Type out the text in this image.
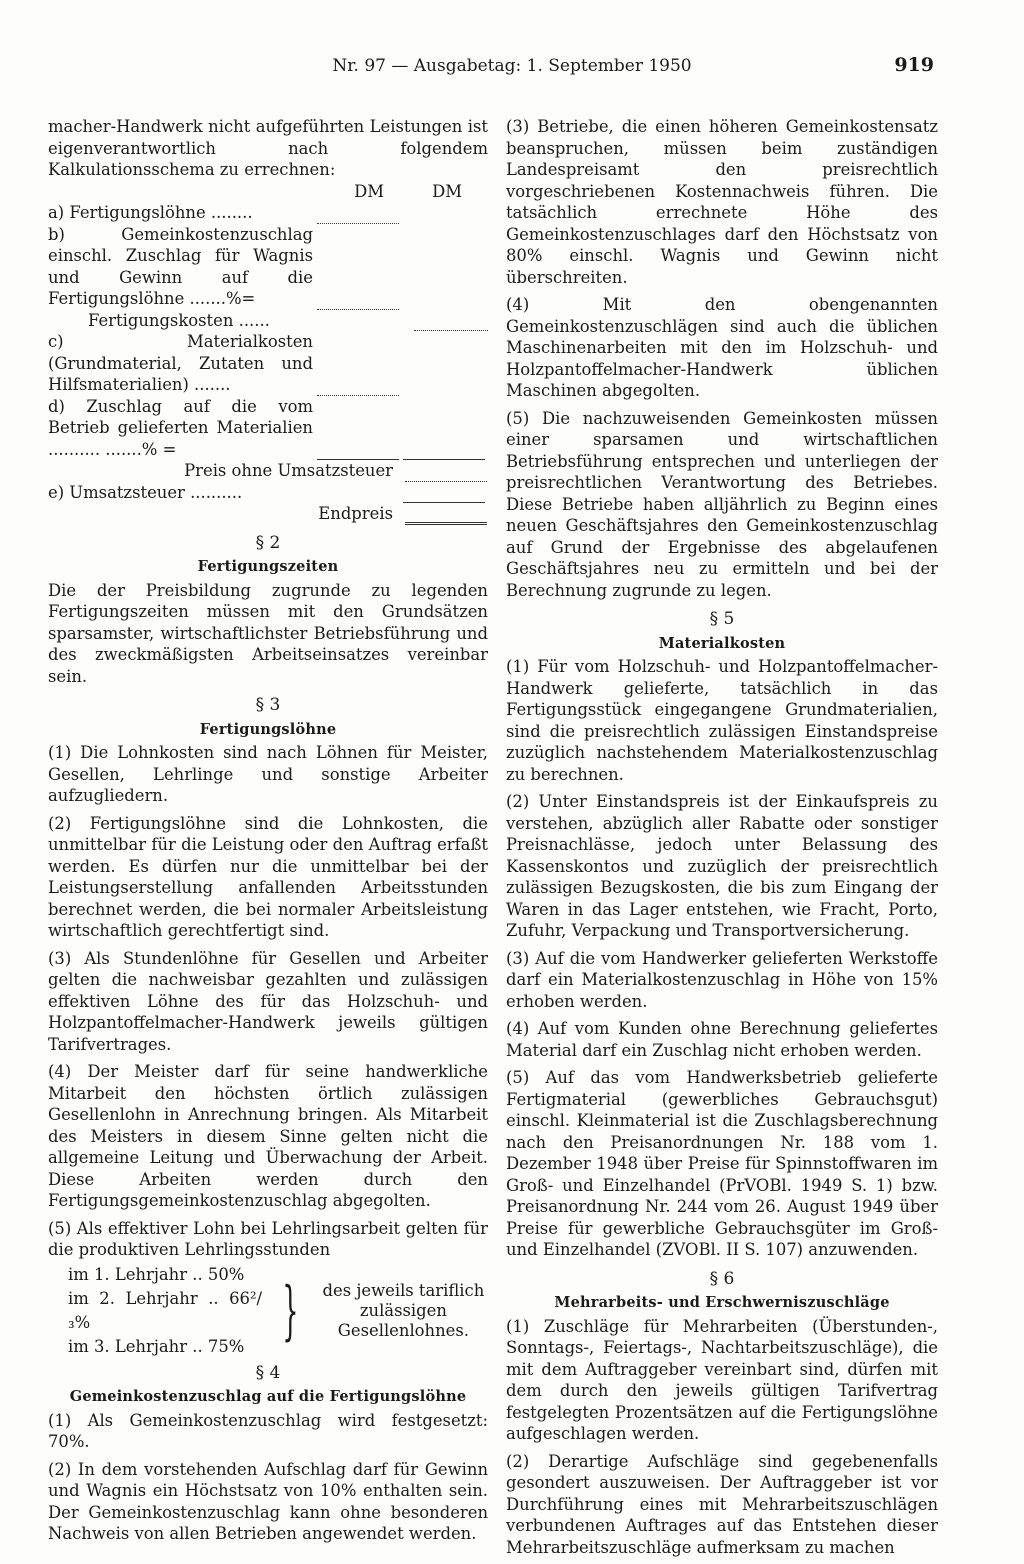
Nr. 97 — Ausgabetag: 1. September 1950	919

macher-Handwerk nicht aufgeführten Leistungen ist eigenverantwortlich nach folgendem Kalkulationsschema zu errechnen:

DM	DM
a) Fertigungslöhne ........
b) Gemeinkostenzuschlag einschl. Zuschlag für Wagnis und Gewinn auf die Fertigungslöhne .......%=
Fertigungskosten ......
c) Materialkosten (Grundmaterial, Zutaten und Hilfsmaterialien) .......
d) Zuschlag auf die vom Betrieb gelieferten Materialien .......... .......% =
Preis ohne Umsatzsteuer
e) Umsatzsteuer ..........
Endpreis
§ 2
Fertigungszeiten

Die der Preisbildung zugrunde zu legenden Fertigungszeiten müssen mit den Grundsätzen sparsamster, wirtschaftlichster Betriebsführung und des zweckmäßigsten Arbeitseinsatzes vereinbar sein.

§ 3
Fertigungslöhne

(1) Die Lohnkosten sind nach Löhnen für Meister, Gesellen, Lehrlinge und sonstige Arbeiter aufzugliedern.

(2) Fertigungslöhne sind die Lohnkosten, die unmittelbar für die Leistung oder den Auftrag erfaßt werden. Es dürfen nur die unmittelbar bei der Leistungserstellung anfallenden Arbeitsstunden berechnet werden, die bei normaler Arbeitsleistung wirtschaftlich gerechtfertigt sind.

(3) Als Stundenlöhne für Gesellen und Arbeiter gelten die nachweisbar gezahlten und zulässigen effektiven Löhne des für das Holzschuh- und Holzpantoffelmacher-Handwerk jeweils gültigen Tarifvertrages.

(4) Der Meister darf für seine handwerkliche Mitarbeit den höchsten örtlich zulässigen Gesellenlohn in Anrechnung bringen. Als Mitarbeit des Meisters in diesem Sinne gelten nicht die allgemeine Leitung und Überwachung der Arbeit. Diese Arbeiten werden durch den Fertigungsgemeinkostenzuschlag abgegolten.

(5) Als effektiver Lohn bei Lehrlingsarbeit gelten für die produktiven Lehrlingsstunden

im 1. Lehrjahr .. 50%
im 2. Lehrjahr .. 66²/₃%
im 3. Lehrjahr .. 75% } des jeweils tariflich zulässigen Gesellenlohnes.
§ 4
Gemeinkostenzuschlag auf die Fertigungslöhne

(1) Als Gemeinkostenzuschlag wird festgesetzt: 70%.

(2) In dem vorstehenden Aufschlag darf für Gewinn und Wagnis ein Höchstsatz von 10% enthalten sein. Der Gemeinkostenzuschlag kann ohne besonderen Nachweis von allen Betrieben angewendet werden.

(3) Betriebe, die einen höheren Gemeinkostensatz beanspruchen, müssen beim zuständigen Landespreisamt den preisrechtlich vorgeschriebenen Kostennachweis führen. Die tatsächlich errechnete Höhe des Gemeinkostenzuschlages darf den Höchstsatz von 80% einschl. Wagnis und Gewinn nicht überschreiten.

(4) Mit den obengenannten Gemeinkostenzuschlägen sind auch die üblichen Maschinenarbeiten mit den im Holzschuh- und Holzpantoffelmacher-Handwerk üblichen Maschinen abgegolten.

(5) Die nachzuweisenden Gemeinkosten müssen einer sparsamen und wirtschaftlichen Betriebsführung entsprechen und unterliegen der preisrechtlichen Verantwortung des Betriebes. Diese Betriebe haben alljährlich zu Beginn eines neuen Geschäftsjahres den Gemeinkostenzuschlag auf Grund der Ergebnisse des abgelaufenen Geschäftsjahres neu zu ermitteln und bei der Berechnung zugrunde zu legen.

§ 5
Materialkosten

(1) Für vom Holzschuh- und Holzpantoffelmacher-Handwerk gelieferte, tatsächlich in das Fertigungsstück eingegangene Grundmaterialien, sind die preisrechtlich zulässigen Einstandspreise zuzüglich nachstehendem Materialkostenzuschlag zu berechnen.

(2) Unter Einstandspreis ist der Einkaufspreis zu verstehen, abzüglich aller Rabatte oder sonstiger Preisnachlässe, jedoch unter Belassung des Kassenskontos und zuzüglich der preisrechtlich zulässigen Bezugskosten, die bis zum Eingang der Waren in das Lager entstehen, wie Fracht, Porto, Zufuhr, Verpackung und Transportversicherung.

(3) Auf die vom Handwerker gelieferten Werkstoffe darf ein Materialkostenzuschlag in Höhe von 15% erhoben werden.

(4) Auf vom Kunden ohne Berechnung geliefertes Material darf ein Zuschlag nicht erhoben werden.

(5) Auf das vom Handwerksbetrieb gelieferte Fertigmaterial (gewerbliches Gebrauchsgut) einschl. Kleinmaterial ist die Zuschlagsberechnung nach den Preisanordnungen Nr. 188 vom 1. Dezember 1948 über Preise für Spinnstoffwaren im Groß- und Einzelhandel (PrVOBl. 1949 S. 1) bzw. Preisanordnung Nr. 244 vom 26. August 1949 über Preise für gewerbliche Gebrauchsgüter im Groß- und Einzelhandel (ZVOBl. II S. 107) anzuwenden.

§ 6
Mehrarbeits- und Erschwerniszuschläge

(1) Zuschläge für Mehrarbeiten (Überstunden-, Sonntags-, Feiertags-, Nachtarbeitszuschläge), die mit dem Auftraggeber vereinbart sind, dürfen mit dem durch den jeweils gültigen Tarifvertrag festgelegten Prozentsätzen auf die Fertigungslöhne aufgeschlagen werden.

(2) Derartige Aufschläge sind gegebenenfalls gesondert auszuweisen. Der Auftraggeber ist vor Durchführung eines mit Mehrarbeitszuschlägen verbundenen Auftrages auf das Entstehen dieser Mehrarbeitszuschläge aufmerksam zu machen
